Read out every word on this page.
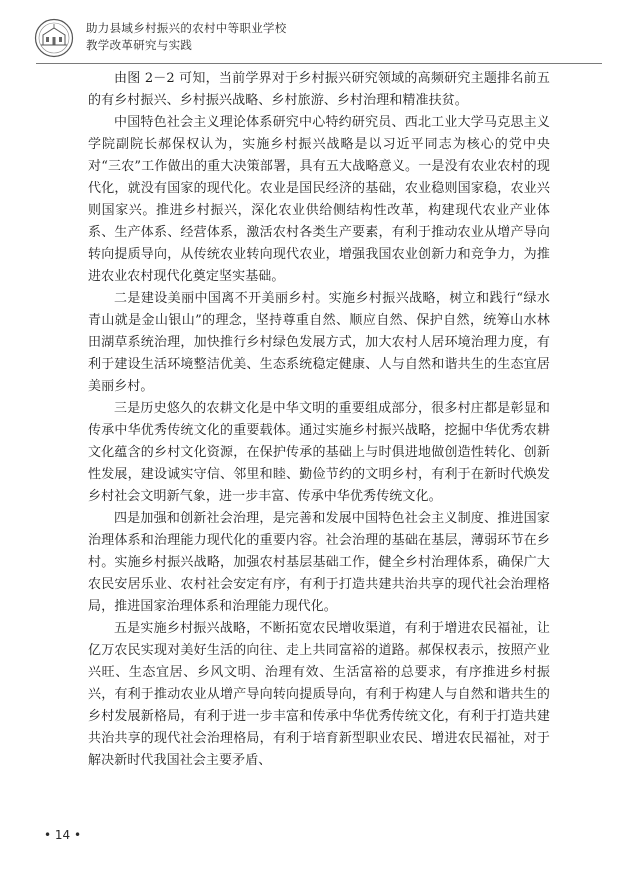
助力县域乡村振兴的农村中等职业学校
教学改革研究与实践

由图 2－2 可知，当前学界对于乡村振兴研究领域的高频研究主题排名前五的有乡村振兴、乡村振兴战略、乡村旅游、乡村治理和精准扶贫。

中国特色社会主义理论体系研究中心特约研究员、西北工业大学马克思主义学院副院长郝保权认为，实施乡村振兴战略是以习近平同志为核心的党中央对“三农”工作做出的重大决策部署，具有五大战略意义。一是没有农业农村的现代化，就没有国家的现代化。农业是国民经济的基础，农业稳则国家稳，农业兴则国家兴。推进乡村振兴，深化农业供给侧结构性改革，构建现代农业产业体系、生产体系、经营体系，激活农村各类生产要素，有利于推动农业从增产导向转向提质导向，从传统农业转向现代农业，增强我国农业创新力和竞争力，为推进农业农村现代化奠定坚实基础。

二是建设美丽中国离不开美丽乡村。实施乡村振兴战略，树立和践行“绿水青山就是金山银山”的理念，坚持尊重自然、顺应自然、保护自然，统筹山水林田湖草系统治理，加快推行乡村绿色发展方式，加大农村人居环境治理力度，有利于建设生活环境整洁优美、生态系统稳定健康、人与自然和谐共生的生态宜居美丽乡村。

三是历史悠久的农耕文化是中华文明的重要组成部分，很多村庄都是彰显和传承中华优秀传统文化的重要载体。通过实施乡村振兴战略，挖掘中华优秀农耕文化蕴含的乡村文化资源，在保护传承的基础上与时俱进地做创造性转化、创新性发展，建设诚实守信、邻里和睦、勤俭节约的文明乡村，有利于在新时代焕发乡村社会文明新气象，进一步丰富、传承中华优秀传统文化。

四是加强和创新社会治理，是完善和发展中国特色社会主义制度、推进国家治理体系和治理能力现代化的重要内容。社会治理的基础在基层，薄弱环节在乡村。实施乡村振兴战略，加强农村基层基础工作，健全乡村治理体系，确保广大农民安居乐业、农村社会安定有序，有利于打造共建共治共享的现代社会治理格局，推进国家治理体系和治理能力现代化。

五是实施乡村振兴战略，不断拓宽农民增收渠道，有利于增进农民福祉，让亿万农民实现对美好生活的向往、走上共同富裕的道路。郝保权表示，按照产业兴旺、生态宜居、乡风文明、治理有效、生活富裕的总要求，有序推进乡村振兴，有利于推动农业从增产导向转向提质导向，有利于构建人与自然和谐共生的乡村发展新格局，有利于进一步丰富和传承中华优秀传统文化，有利于打造共建共治共享的现代社会治理格局，有利于培育新型职业农民、增进农民福祉，对于解决新时代我国社会主要矛盾、

• 14 •
